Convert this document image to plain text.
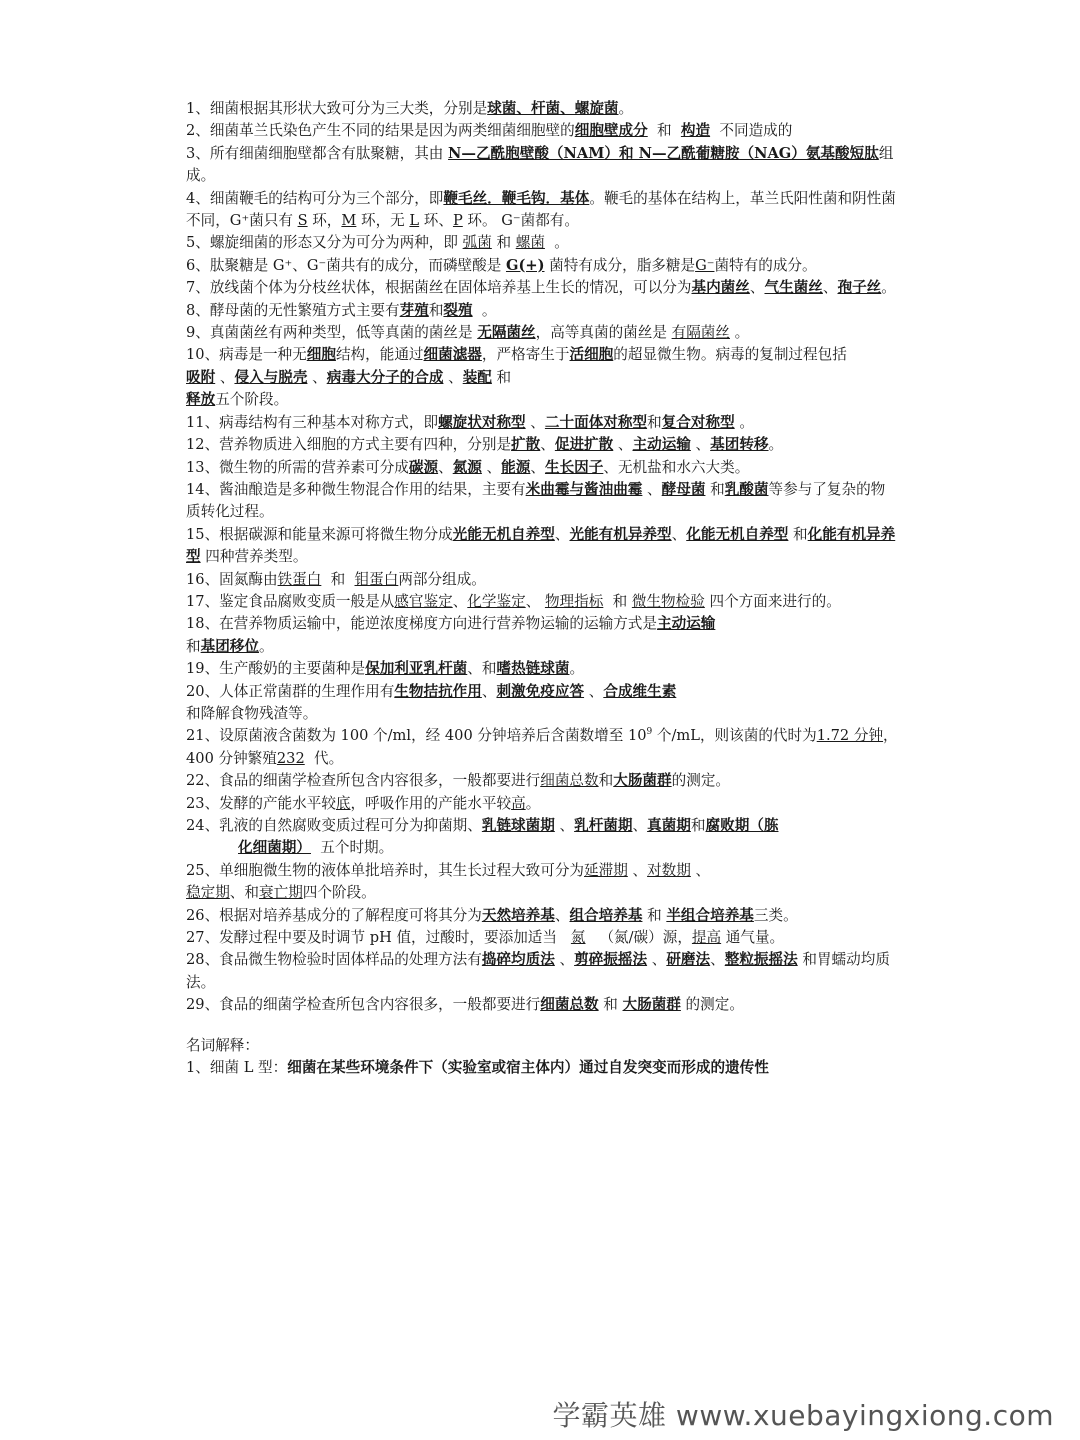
1、细菌根据其形状大致可分为三大类，分别是球菌、杆菌、螺旋菌。

2、细菌革兰氏染色产生不同的结果是因为两类细菌细胞壁的细胞壁成分 和 构造 不同造成的

3、所有细菌细胞壁都含有肽聚糖，其由 N—乙酰胞壁酸（NAM）和 N—乙酰葡糖胺（NAG）氨基酸短肽组成。

4、细菌鞭毛的结构可分为三个部分，即鞭毛丝．鞭毛钩．基体。鞭毛的基体在结构上，革兰氏阳性菌和阴性菌不同，G⁺菌只有 S 环，M 环，无 L 环、P 环。 G⁻菌都有。

5、螺旋细菌的形态又分为可分为两种，即 弧菌 和 螺菌 。

6、肽聚糖是 G⁺、G⁻菌共有的成分，而磷壁酸是 G(+) 菌特有成分，脂多糖是G⁻菌特有的成分。

7、放线菌个体为分枝丝状体，根据菌丝在固体培养基上生长的情况，可以分为基内菌丝、气生菌丝、孢子丝。

8、酵母菌的无性繁殖方式主要有芽殖和裂殖 。

9、真菌菌丝有两种类型，低等真菌的菌丝是 无隔菌丝，高等真菌的菌丝是 有隔菌丝 。

10、病毒是一种无细胞结构，能通过细菌滤器，严格寄生于活细胞的超显微生物。病毒的复制过程包括
吸附 、侵入与脱壳 、病毒大分子的合成 、装配 和
释放五个阶段。

11、病毒结构有三种基本对称方式，即螺旋状对称型 、二十面体对称型和复合对称型 。

12、营养物质进入细胞的方式主要有四种，分别是扩散、促进扩散 、主动运输 、基团转移。

13、微生物的所需的营养素可分成碳源、氮源 、能源、生长因子、无机盐和水六大类。

14、酱油酿造是多种微生物混合作用的结果，主要有米曲霉与酱油曲霉 、酵母菌 和乳酸菌等参与了复杂的物质转化过程。

15、根据碳源和能量来源可将微生物分成光能无机自养型、光能有机异养型、化能无机自养型 和化能有机异养型 四种营养类型。

16、固氮酶由铁蛋白 和 钼蛋白两部分组成。

17、鉴定食品腐败变质一般是从感官鉴定、化学鉴定、 物理指标 和 微生物检验 四个方面来进行的。

18、在营养物质运输中，能逆浓度梯度方向进行营养物运输的运输方式是主动运输
和基团移位。

19、生产酸奶的主要菌种是保加利亚乳杆菌、和嗜热链球菌。

20、人体正常菌群的生理作用有生物拮抗作用、刺激免疫应答 、合成维生素
和降解食物残渣等。

21、设原菌液含菌数为 100 个/ml，经 400 分钟培养后含菌数增至 $10^9$ 个/mL，则该菌的代时为1.72 分钟，400 分钟繁殖232 代。

22、食品的细菌学检查所包含内容很多，一般都要进行细菌总数和大肠菌群的测定。

23、发酵的产能水平较底，呼吸作用的产能水平较高。

24、乳液的自然腐败变质过程可分为抑菌期、乳链球菌期 、乳杆菌期、真菌期和腐败期（胨
化细菌期） 五个时期。

25、单细胞微生物的液体单批培养时，其生长过程大致可分为延滞期 、对数期 、
稳定期、和衰亡期四个阶段。

26、根据对培养基成分的了解程度可将其分为天然培养基、组合培养基 和 半组合培养基三类。

27、发酵过程中要及时调节 pH 值，过酸时，要添加适当 氮 （氮/碳）源，提高 通气量。

28、食品微生物检验时固体样品的处理方法有捣碎均质法 、剪碎振摇法 、研磨法、整粒振摇法 和胃蠕动均质法。

29、食品的细菌学检查所包含内容很多，一般都要进行细菌总数 和 大肠菌群 的测定。

名词解释：

1、细菌 L 型：细菌在某些环境条件下（实验室或宿主体内）通过自发突变而形成的遗传性

学霸英雄 www.xuebayingxiong.com
